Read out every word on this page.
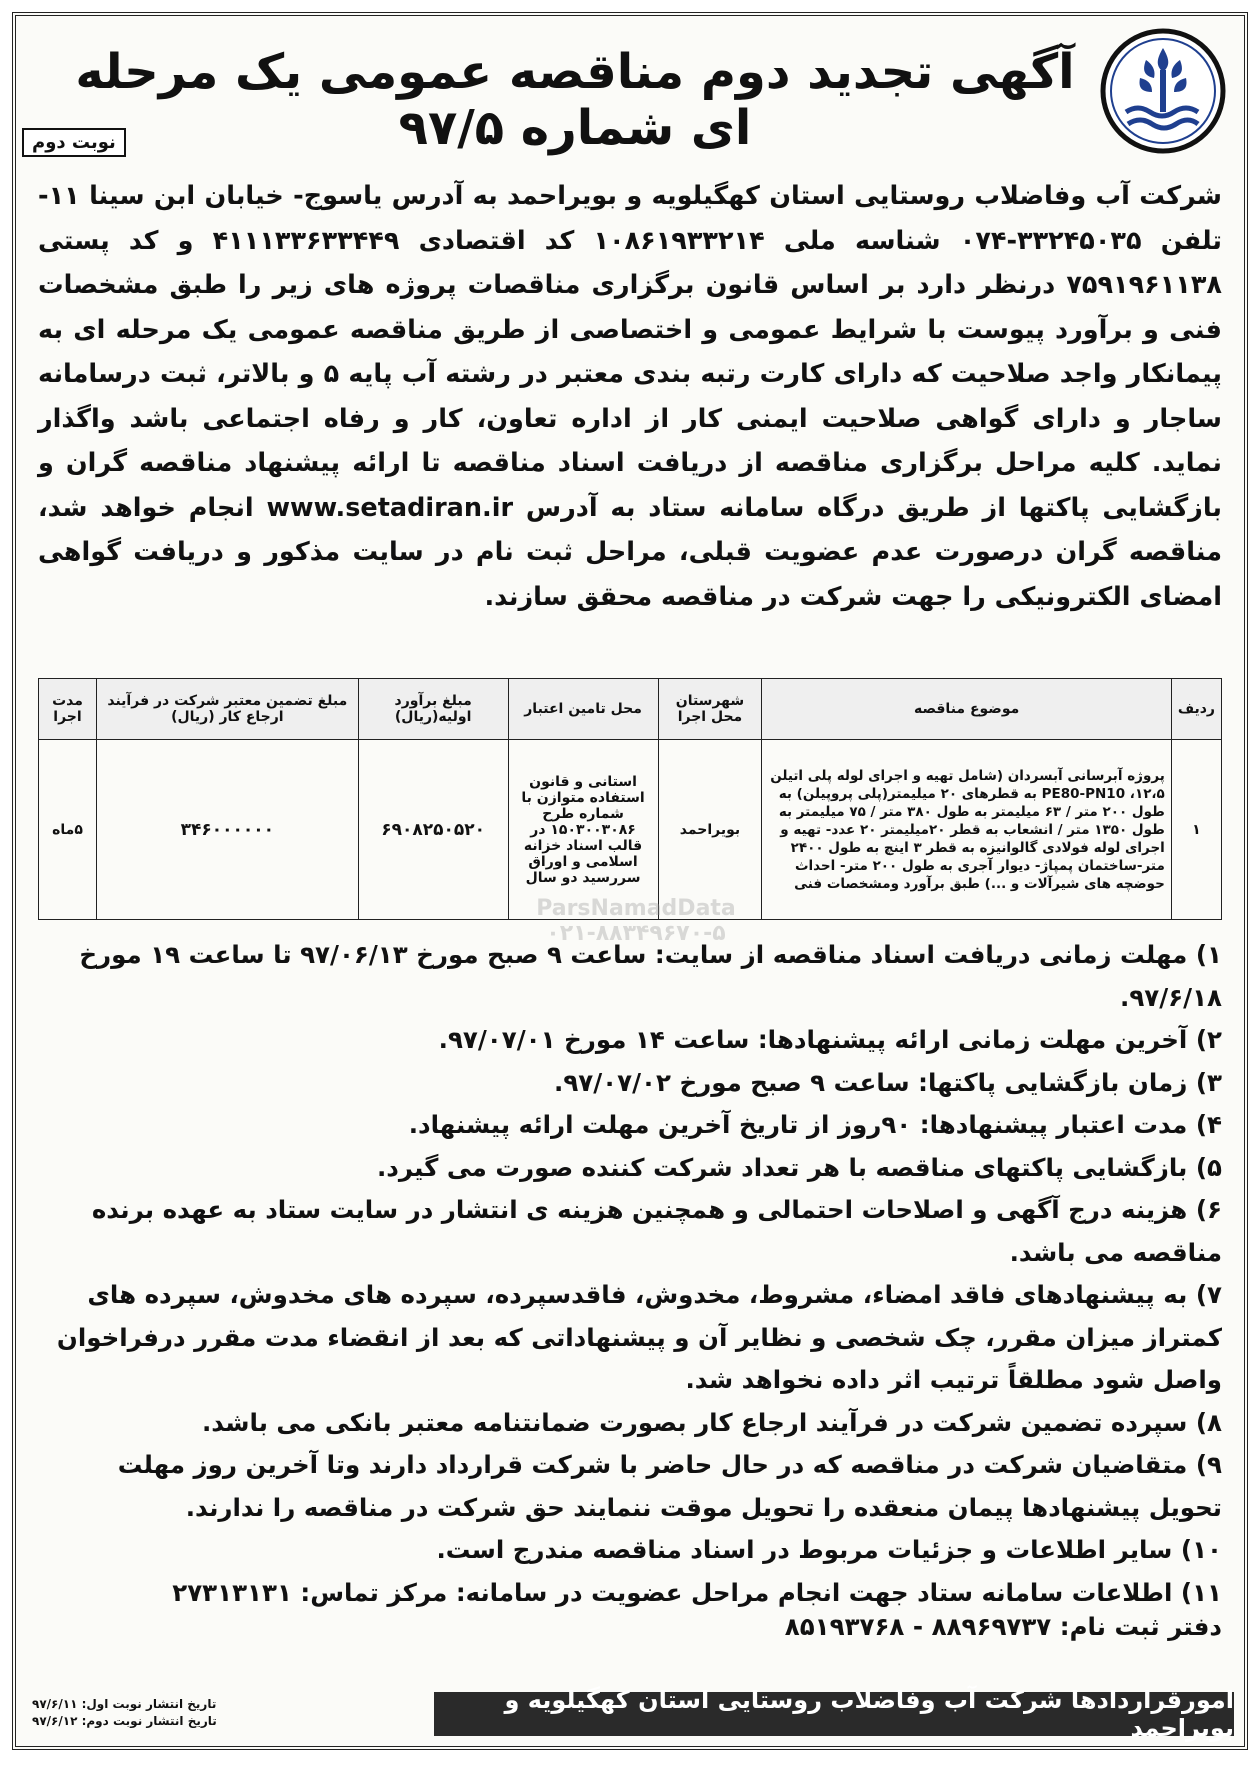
آگهی تجدید دوم مناقصه عمومی یک مرحله ای شماره ۹۷/۵
نوبت دوم
شرکت آب وفاضلاب روستایی استان کهگیلویه و بویراحمد به آدرس یاسوج- خیابان ابن سینا ۱۱- تلفن ۳۳۲۴۵۰۳۵-۰۷۴ شناسه ملی ۱۰۸۶۱۹۳۳۲۱۴ کد اقتصادی ۴۱۱۱۳۳۶۳۳۴۴۹ و کد پستی ۷۵۹۱۹۶۱۱۳۸ درنظر دارد بر اساس قانون برگزاری مناقصات پروژه های زیر را طبق مشخصات فنی و برآورد پیوست با شرایط عمومی و اختصاصی از طریق مناقصه عمومی یک مرحله ای به پیمانکار واجد صلاحیت که دارای کارت رتبه بندی معتبر در رشته آب پایه ۵ و بالاتر، ثبت درسامانه ساجار و دارای گواهی صلاحیت ایمنی کار از اداره تعاون، کار و رفاه اجتماعی باشد واگذار نماید. کلیه مراحل برگزاری مناقصه از دریافت اسناد مناقصه تا ارائه پیشنهاد مناقصه گران و بازگشایی پاکتها از طریق درگاه سامانه ستاد به آدرس www.setadiran.ir انجام خواهد شد، مناقصه گران درصورت عدم عضویت قبلی، مراحل ثبت نام در سایت مذکور و دریافت گواهی امضای الکترونیکی را جهت شرکت در مناقصه محقق سازند.
ردیف	موضوع مناقصه	شهرستان محل اجرا	محل تامین اعتبار	مبلغ برآورد اولیه(ریال)	مبلغ تضمین معتبر شرکت در فرآیند ارجاع کار (ریال)	مدت اجرا
۱	پروژه آبرسانی آبسردان (شامل تهیه و اجرای لوله پلی اتیلن ۱۲،۵، PE80-PN10 به قطرهای ۲۰ میلیمتر(پلی پروپیلن) به طول ۲۰۰ متر / ۶۳ میلیمتر به طول ۳۸۰ متر / ۷۵ میلیمتر به طول ۱۳۵۰ متر / انشعاب به قطر ۲۰میلیمتر ۲۰ عدد- تهیه و اجرای لوله فولادی گالوانیزه به قطر ۳ اینچ به طول ۲۴۰۰ متر-ساختمان پمپاژ- دیوار آجری به طول ۲۰۰ متر- احداث حوضچه های شیرآلات و ...) طبق برآورد ومشخصات فنی	بویراحمد	استانی و قانون استفاده متوازن با شماره طرح ۱۵۰۳۰۰۳۰۸۶ در قالب اسناد خزانه اسلامی و اوراق سررسید دو سال	۶۹۰۸۲۵۰۵۲۰	۳۴۶۰۰۰۰۰۰	۵ماه
ParsNamadData
۰۲۱-۸۸۳۴۹۶۷۰-۵
۱) مهلت زمانی دریافت اسناد مناقصه از سایت: ساعت ۹ صبح مورخ ۹۷/۰۶/۱۳ تا ساعت ۱۹ مورخ ۹۷/۶/۱۸.
۲) آخرین مهلت زمانی ارائه پیشنهادها: ساعت ۱۴ مورخ ۹۷/۰۷/۰۱.
۳) زمان بازگشایی پاکتها: ساعت ۹ صبح مورخ ۹۷/۰۷/۰۲.
۴) مدت اعتبار پیشنهادها: ۹۰روز از تاریخ آخرین مهلت ارائه پیشنهاد.
۵) بازگشایی پاکتهای مناقصه با هر تعداد شرکت کننده صورت می گیرد.
۶) هزینه درج آگهی و اصلاحات احتمالی و همچنین هزینه ی انتشار در سایت ستاد به عهده برنده مناقصه می باشد.
۷) به پیشنهادهای فاقد امضاء، مشروط، مخدوش، فاقدسپرده، سپرده های مخدوش، سپرده های کمتراز میزان مقرر، چک شخصی و نظایر آن و پیشنهاداتی که بعد از انقضاء مدت مقرر درفراخوان واصل شود مطلقاً ترتیب اثر داده نخواهد شد.
۸) سپرده تضمین شرکت در فرآیند ارجاع کار بصورت ضمانتنامه معتبر بانکی می باشد.
۹) متقاضیان شرکت در مناقصه که در حال حاضر با شرکت قرارداد دارند وتا آخرین روز مهلت تحویل پیشنهادها پیمان منعقده را تحویل موقت ننمایند حق شرکت در مناقصه را ندارند.
۱۰) سایر اطلاعات و جزئیات مربوط در اسناد مناقصه مندرج است.
۱۱) اطلاعات سامانه ستاد جهت انجام مراحل عضویت در سامانه: مرکز تماس: ۲۷۳۱۳۱۳۱
دفتر ثبت نام: ۸۸۹۶۹۷۳۷ - ۸۵۱۹۳۷۶۸
امورقراردادها شرکت آب وفاضلاب روستایی استان کهگیلویه و بویراحمد
تاریخ انتشار نوبت اول: ۹۷/۶/۱۱
تاریخ انتشار نوبت دوم: ۹۷/۶/۱۲
